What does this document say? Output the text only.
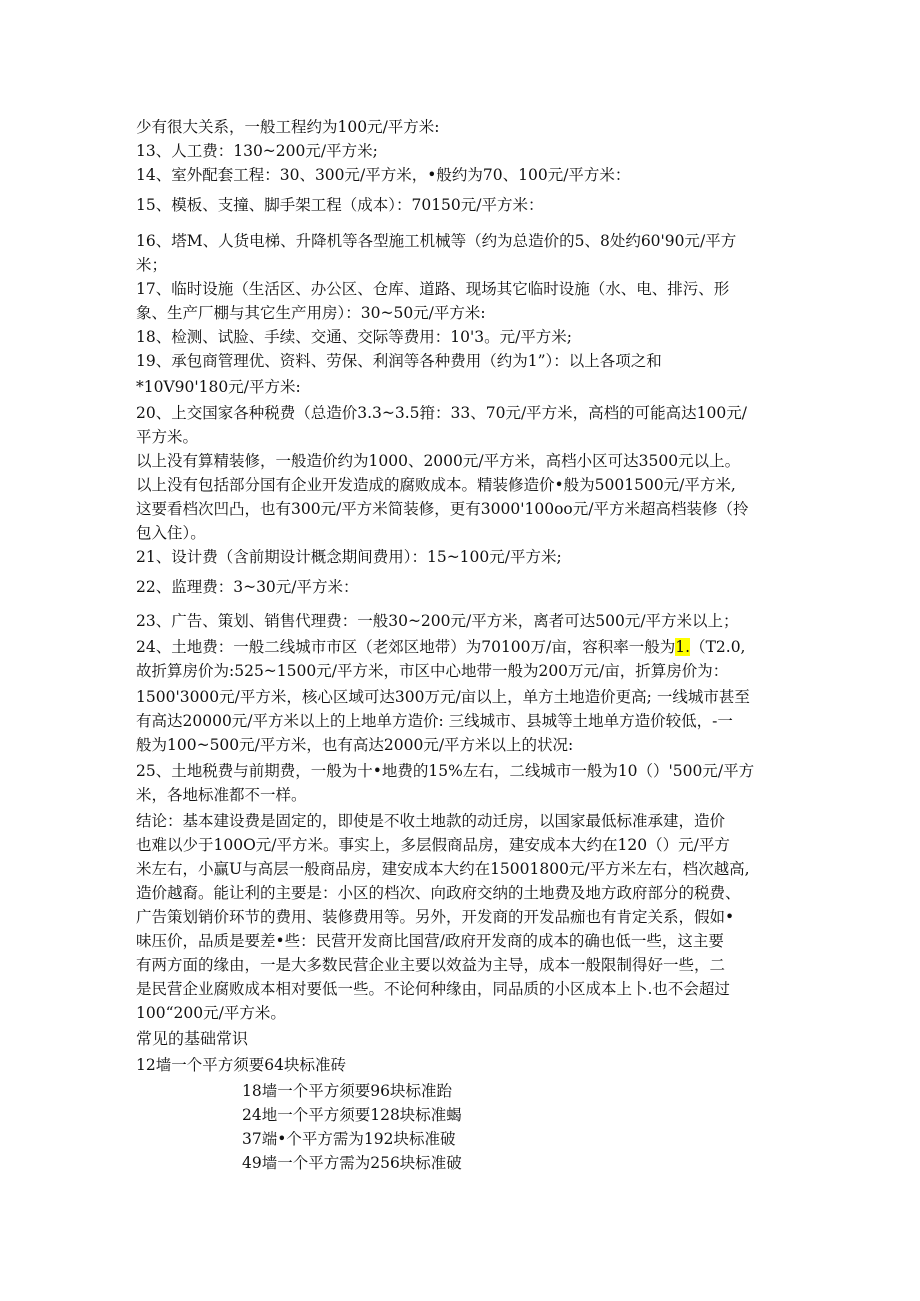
少有很大关系，一般工程约为100元/平方米:
13、人工费：130~200元/平方米;
14、室外配套工程：30、300元/平方米，•般约为70、100元/平方米：
15、模板、支撞、脚手架工程（成本）：70150元/平方米：
16、塔M、人货电梯、升降机等各型施工机械等（约为总造价的5、8处约60'90元/平方
米；
17、临时设施（生活区、办公区、仓库、道路、现场其它临时设施（水、电、排污、形
象、生产厂棚与其它生产用房）：30~50元/平方米:
18、检测、试脸、手续、交通、交际等费用：10'3。元/平方米;
19、承包商管理优、资料、劳保、利润等各种费用（约为1”）：以上各项之和
*10V90'180元/平方米:
20、上交国家各种税费（总造价3.3~3.5箝：33、70元/平方米，高档的可能高达100元/
平方米。
以上没有算精装修，一般造价约为1000、2000元/平方米，高档小区可达3500元以上。
以上没有包括部分国有企业开发造成的腐败成本。精装修造价•般为5001500元/平方米,
这要看档次凹凸，也有300元/平方米简装修，更有3000'100oo元/平方米超高档装修（拎
包入住）。
21、设计费（含前期设计概念期间费用）：15~100元/平方米;
22、监理费：3~30元/平方米：
23、广告、策划、销售代理费：一般30~200元/平方米，离者可达500元/平方米以上；
24、土地费：一般二线城市市区（老郊区地带）为70100万/亩，容积率一般为1.（T2.0,
故折算房价为:525~1500元/平方米，市区中心地带一般为200万元/亩，折算房价为：
1500'3000元/平方米，核心区域可达300万元/亩以上，单方土地造价更高; 一线城市甚至
有高达20000元/平方米以上的上地单方造价: 三线城市、县城等土地单方造价较低，-一
般为100~500元/平方米，也有高达2000元/平方米以上的状况:
25、土地税费与前期费，一般为十•地费的15%左右，二线城市一般为10（）'500元/平方
米，各地标准都不一样。
结论：基本建设费是固定的，即使是不收土地款的动迁房，以国家最低标准承建，造价
也难以少于100O元/平方米。事实上，多层假商品房，建安成本大约在120（）元/平方
米左右，小赢U与高层一般商品房，建安成本大约在15001800元/平方米左右，档次越高,
造价越裔。能让利的主要是：小区的档次、向政府交纳的土地费及地方政府部分的税费、
广告策划销价环节的费用、装修费用等。另外，开发商的开发品痂也有肯定关系，假如•
味压价，品质是要差•些：民营开发商比国营/政府开发商的成本的确也低一些，这主要
有两方面的缘由，一是大多数民营企业主要以效益为主导，成本一般限制得好一些，二
是民营企业腐败成本相对要低一些。不论何种缘由，同品质的小区成本上卜.也不会超过
100“200元/平方米。
常见的基础常识
12墙一个平方须要64块标准砖
18墙一个平方须要96块标准跆
24地一个平方须要128块标准蝎
37端•个平方需为192块标准破
49墙一个平方需为256块标准破
